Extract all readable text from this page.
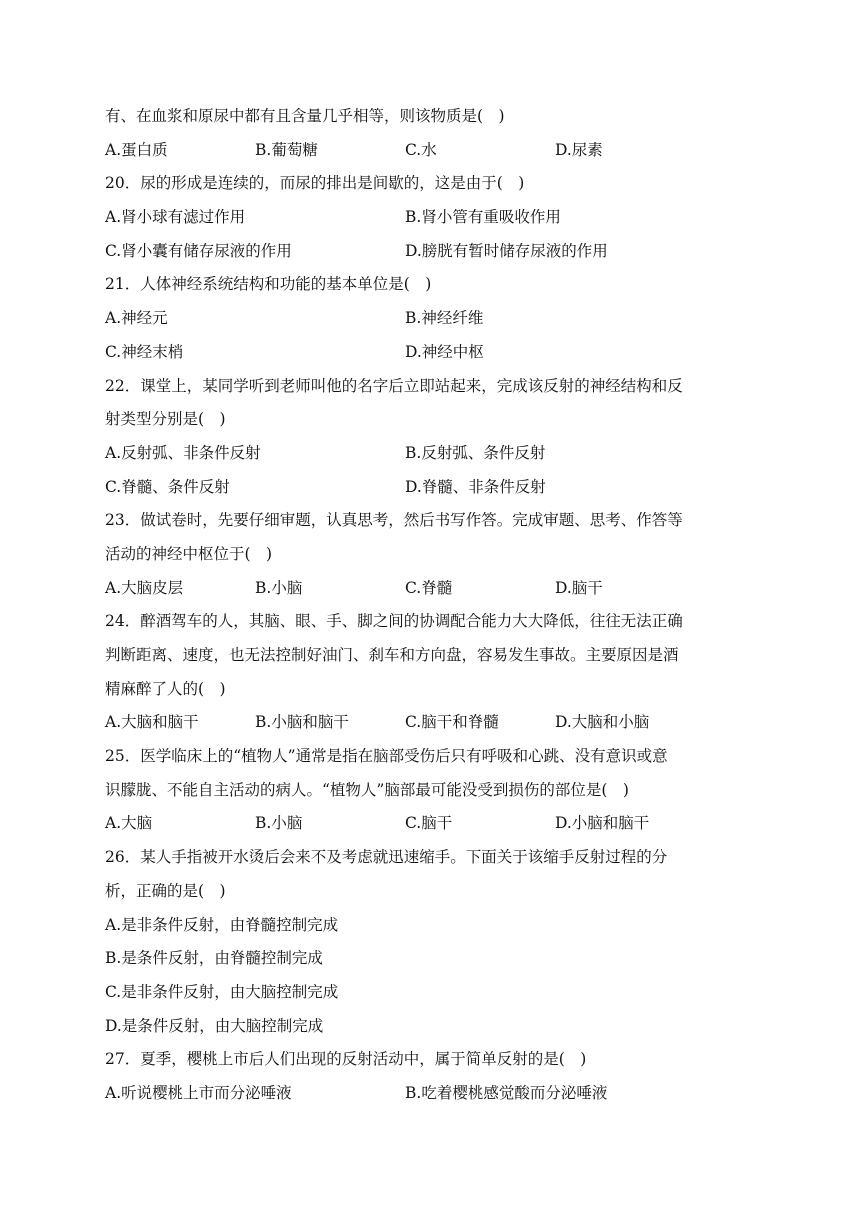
有、在血浆和原尿中都有且含量几乎相等，则该物质是(　)
A.蛋白质	B.葡萄糖	C.水	D.尿素
20．尿的形成是连续的，而尿的排出是间歇的，这是由于(　)
A.肾小球有滤过作用	B.肾小管有重吸收作用
C.肾小囊有储存尿液的作用	D.膀胱有暂时储存尿液的作用
21．人体神经系统结构和功能的基本单位是(　)
A.神经元	B.神经纤维
C.神经末梢	D.神经中枢
22．课堂上，某同学听到老师叫他的名字后立即站起来，完成该反射的神经结构和反
射类型分别是(　)
A.反射弧、非条件反射	B.反射弧、条件反射
C.脊髓、条件反射	D.脊髓、非条件反射
23．做试卷时，先要仔细审题，认真思考，然后书写作答。完成审题、思考、作答等
活动的神经中枢位于(　)
A.大脑皮层	B.小脑	C.脊髓	D.脑干
24．醉酒驾车的人，其脑、眼、手、脚之间的协调配合能力大大降低，往往无法正确
判断距离、速度，也无法控制好油门、刹车和方向盘，容易发生事故。主要原因是酒
精麻醉了人的(　)
A.大脑和脑干	B.小脑和脑干	C.脑干和脊髓	D.大脑和小脑
25．医学临床上的“植物人”通常是指在脑部受伤后只有呼吸和心跳、没有意识或意
识朦胧、不能自主活动的病人。“植物人”脑部最可能没受到损伤的部位是(　)
A.大脑	B.小脑	C.脑干	D.小脑和脑干
26．某人手指被开水烫后会来不及考虑就迅速缩手。下面关于该缩手反射过程的分
析，正确的是(　)
A.是非条件反射，由脊髓控制完成
B.是条件反射，由脊髓控制完成
C.是非条件反射，由大脑控制完成
D.是条件反射，由大脑控制完成
27．夏季，樱桃上市后人们出现的反射活动中，属于简单反射的是(　)
A.听说樱桃上市而分泌唾液	B.吃着樱桃感觉酸而分泌唾液
